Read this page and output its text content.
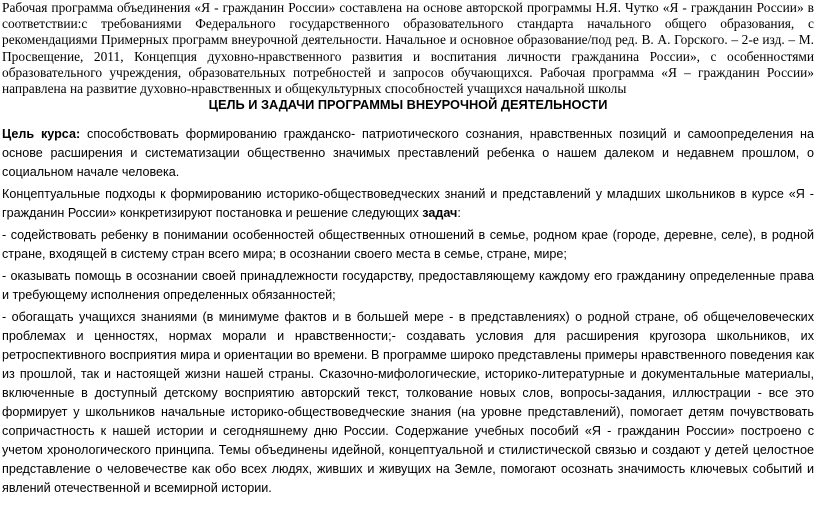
Рабочая программа объединения «Я - гражданин России» составлена на основе авторской программы Н.Я. Чутко «Я - гражданин России» в соответствии:с требованиями Федерального государственного образовательного стандарта начального общего образования, с рекомендациями Примерных программ внеурочной деятельности. Начальное и основное образование/под ред. В. А. Горского. – 2-е изд. – М. Просвещение, 2011, Концепция духовно-нравственного развития и воспитания личности гражданина России», с особенностями образовательного учреждения, образовательных потребностей и запросов обучающихся. Рабочая программа «Я – гражданин России» направлена на развитие духовно-нравственных и общекультурных способностей учащихся начальной школы

ЦЕЛЬ И ЗАДАЧИ ПРОГРАММЫ ВНЕУРОЧНОЙ ДЕЯТЕЛЬНОСТИ

Цель курса: способствовать формированию гражданско- патриотического сознания, нравственных позиций и самоопределения на основе расширения и систематизации общественно значимых преставлений ребенка о нашем далеком и недавнем прошлом, о социальном начале человека.

Концептуальные подходы к формированию историко-обществоведческих знаний и представлений у младших школьников в курсе «Я - гражданин России» конкретизируют постановка и решение следующих задач:

- содействовать ребенку в понимании особенностей общественных отношений в семье, родном крае (городе, деревне, селе), в родной стране, входящей в систему стран всего мира; в осознании своего места в семье, стране, мире;

- оказывать помощь в осознании своей принадлежности государству, предоставляющему каждому его гражданину определенные права и требующему исполнения определенных обязанностей;

- обогащать учащихся знаниями (в минимуме фактов и в большей мере - в представлениях) о родной стране, об общечеловеческих проблемах и ценностях, нормах морали и нравственности;- создавать условия для расширения кругозора школьников, их ретроспективного восприятия мира и ориентации во времени. В программе широко представлены примеры нравственного поведения как из прошлой, так и настоящей жизни нашей страны. Сказочно-мифологические, историко-литературные и документальные материалы, включенные в доступный детскому восприятию авторский текст, толкование новых слов, вопросы-задания, иллюстрации - все это формирует у школьников начальные историко-обществоведческие знания (на уровне представлений), помогает детям почувствовать сопричастность к нашей истории и сегодняшнему дню России. Содержание учебных пособий «Я - гражданин России» построено с учетом хронологического принципа. Темы объединены идейной, концептуальной и стилистической связью и создают у детей целостное представление о человечестве как обо всех людях, живших и живущих на Земле, помогают осознать значимость ключевых событий и явлений отечественной и всемирной истории.
